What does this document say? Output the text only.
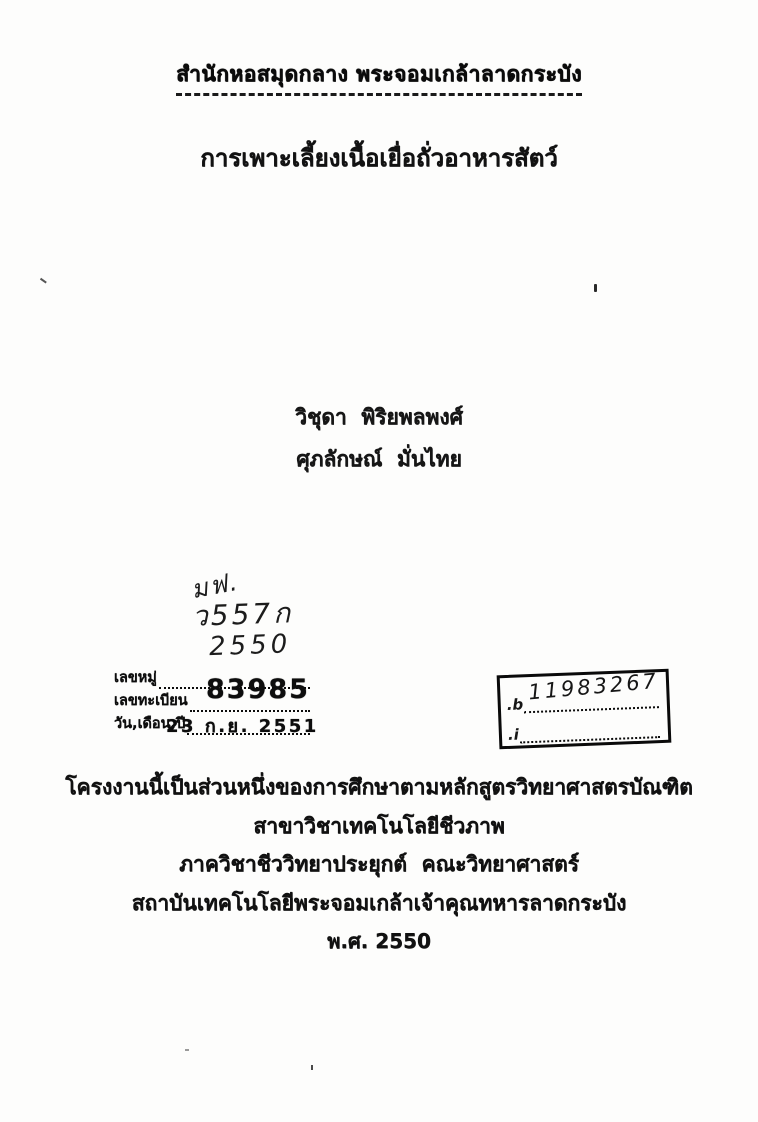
สำนักหอสมุดกลาง พระจอมเกล้าลาดกระบัง
การเพาะเลี้ยงเนื้อเยื่อถั่วอาหารสัตว์
วิชุดา  พิริยพลพงศ์
ศุภลักษณ์  มั่นไทย
มฟ.
ว557ก
2550
เลขหมู่
เลขทะเบียน 83985
วัน,เดือน,ปี
23 ก.ย. 2551
.b
11983267
.i
โครงงานนี้เป็นส่วนหนึ่งของการศึกษาตามหลักสูตรวิทยาศาสตรบัณฑิต
สาขาวิชาเทคโนโลยีชีวภาพ
ภาควิชาชีววิทยาประยุกต์  คณะวิทยาศาสตร์
สถาบันเทคโนโลยีพระจอมเกล้าเจ้าคุณทหารลาดกระบัง
พ.ศ. 2550
